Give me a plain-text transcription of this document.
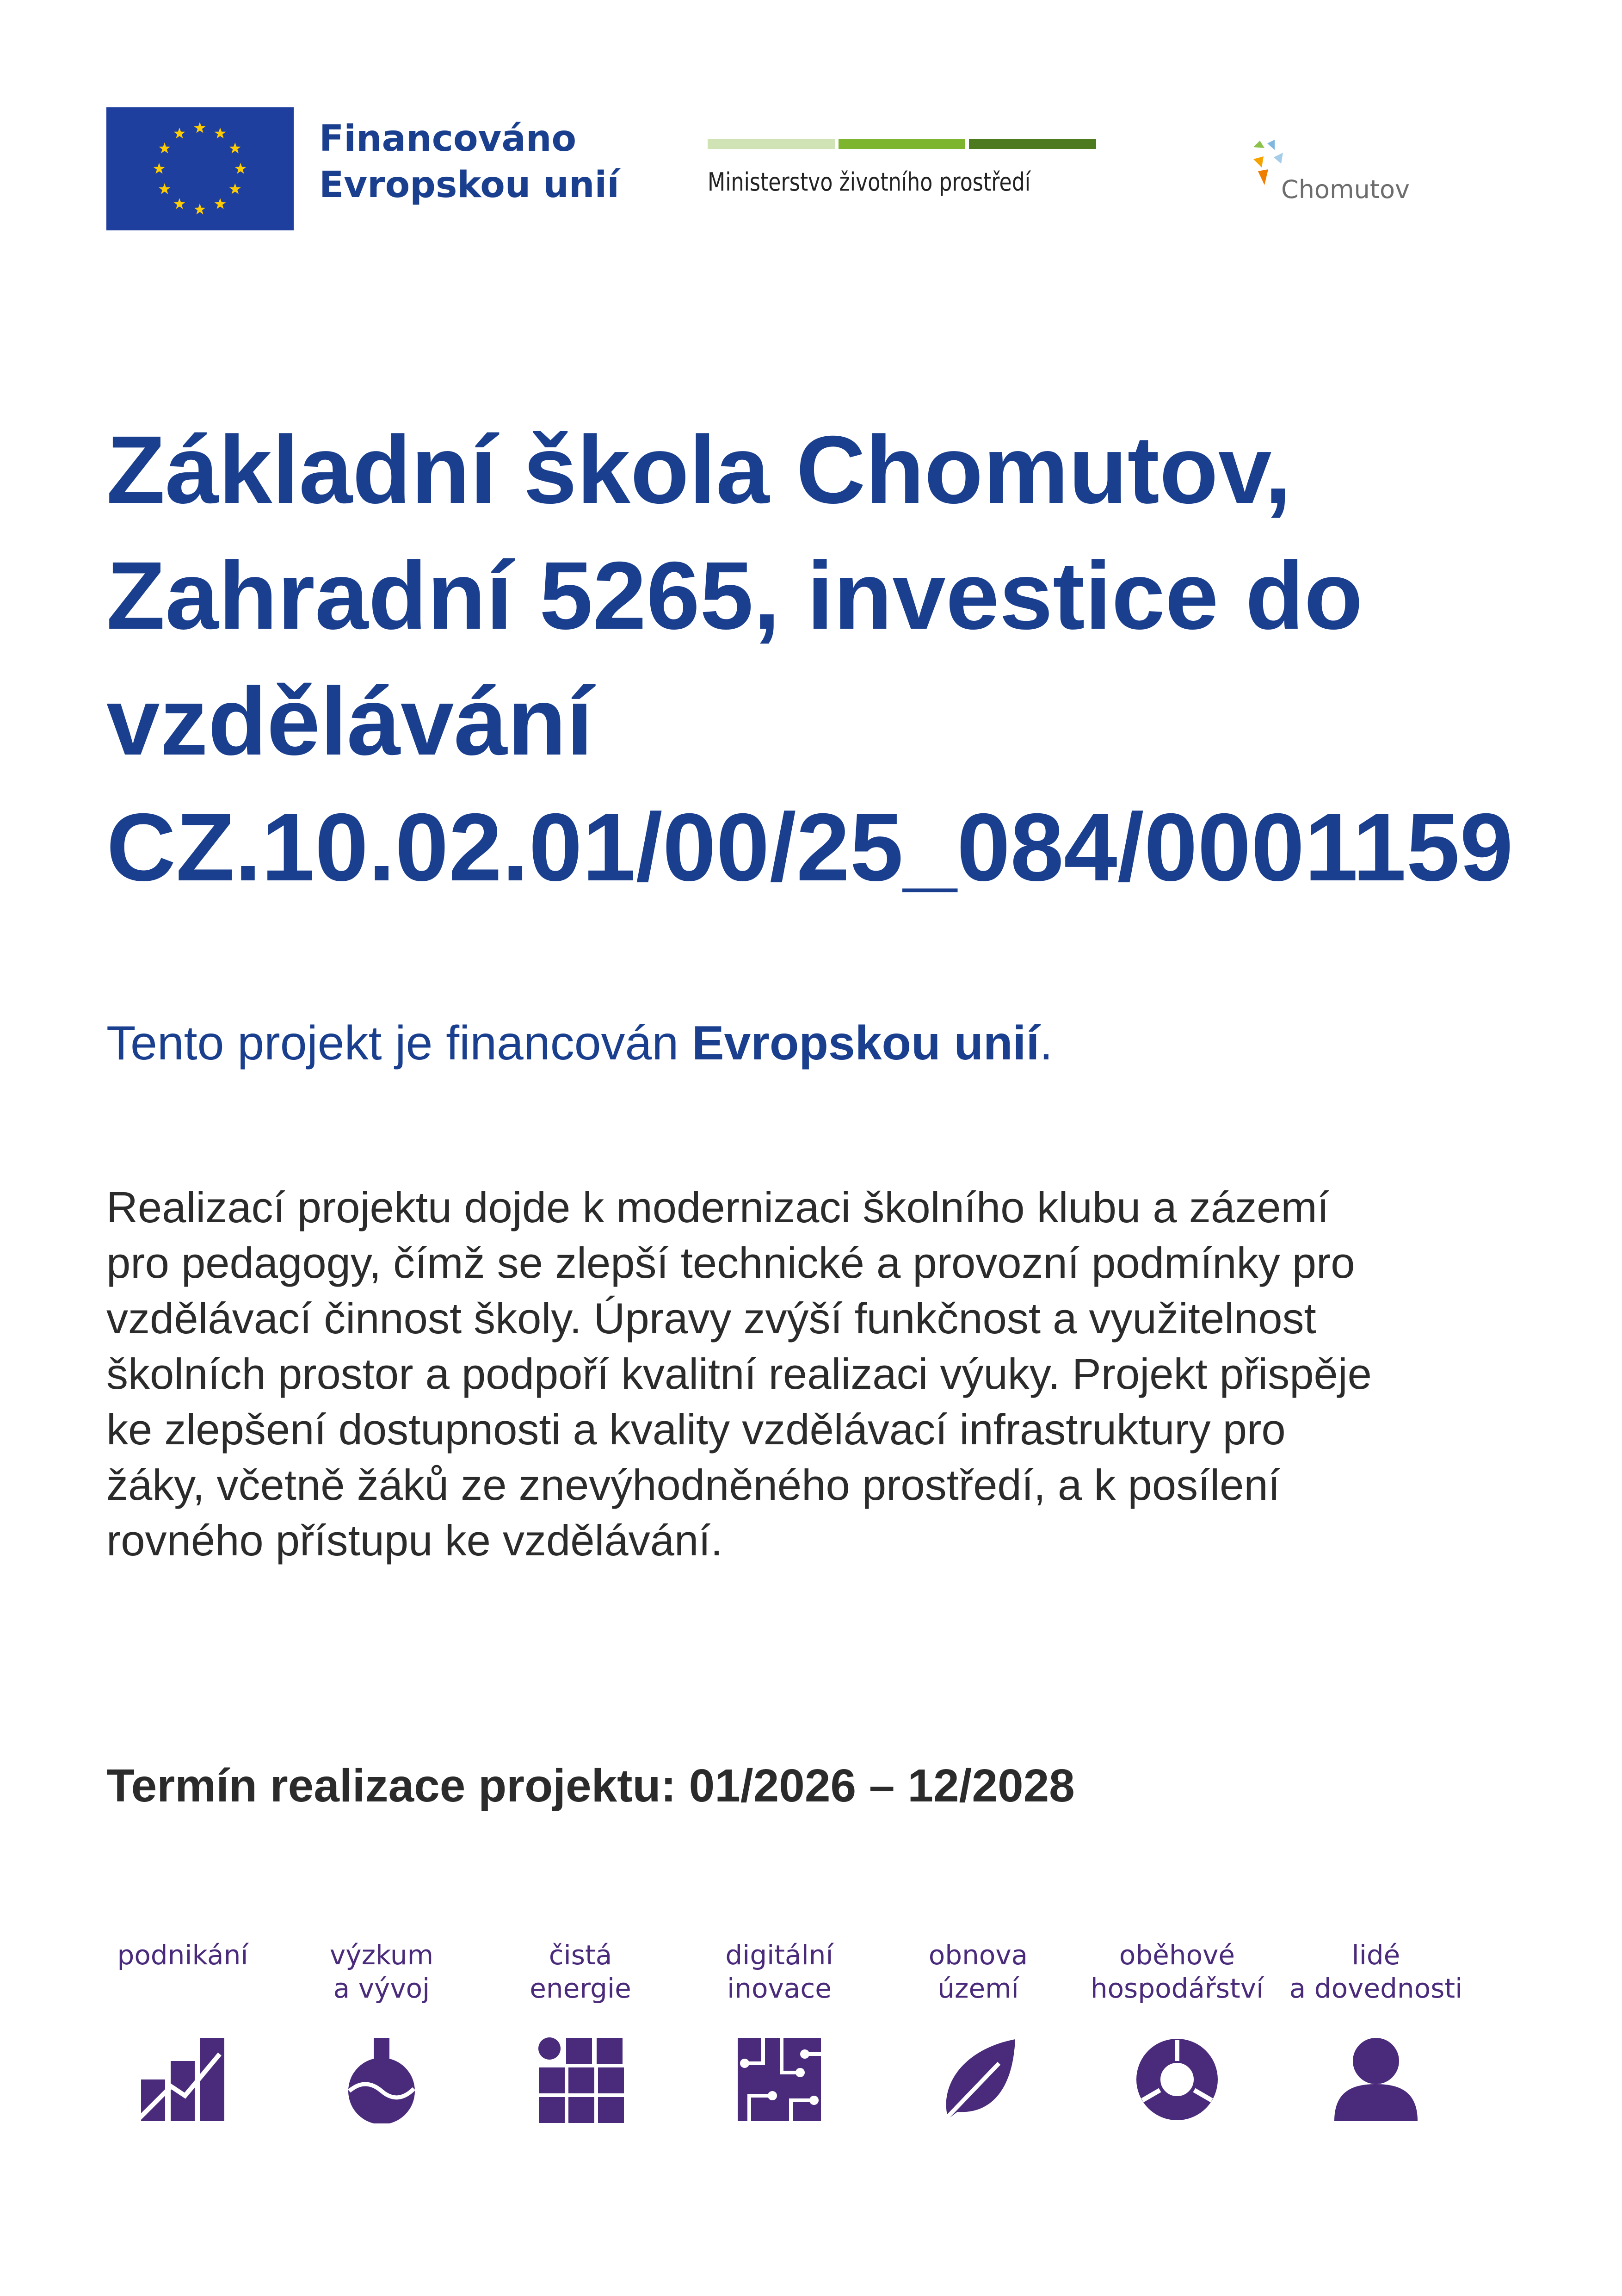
Financováno
Evropskou unií	Ministerstvo životního prostředí	Chomutov
Základní škola Chomutov,
Zahradní 5265, investice do
vzdělávání
CZ.10.02.01/00/25_084/0001159
Tento projekt je financován Evropskou unií.
Realizací projektu dojde k modernizaci školního klubu a zázemí
pro pedagogy, čímž se zlepší technické a provozní podmínky pro
vzdělávací činnost školy. Úpravy zvýší funkčnost a využitelnost
školních prostor a podpoří kvalitní realizaci výuky. Projekt přispěje
ke zlepšení dostupnosti a kvality vzdělávací infrastruktury pro
žáky, včetně žáků ze znevýhodněného prostředí, a k posílení
rovného přístupu ke vzdělávání.
Termín realizace projektu: 01/2026 – 12/2028
podnikání	výzkum
a vývoj
čistá
energie
digitální
inovace
obnova
území
oběhové
hospodářství
lidé
a dovednosti
